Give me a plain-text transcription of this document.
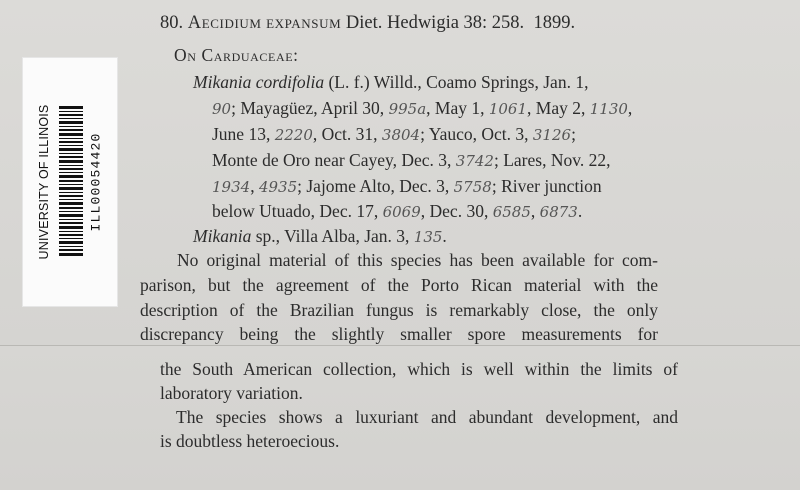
UNIVERSITY OF ILLINOIS	ILL00054420
80. Aecidium expansum Diet. Hedwigia 38: 258. 1899.
On Carduaceae:
Mikania cordifolia (L. f.) Willd., Coamo Springs, Jan. 1,
90; Mayagüez, April 30, 995a, May 1, 1061, May 2, 1130,
June 13, 2220, Oct. 31, 3804; Yauco, Oct. 3, 3126;
Monte de Oro near Cayey, Dec. 3, 3742; Lares, Nov. 22,
1934, 4935; Jajome Alto, Dec. 3, 5758; River junction
below Utuado, Dec. 17, 6069, Dec. 30, 6585, 6873.
Mikania sp., Villa Alba, Jan. 3, 135.
No original material of this species has been available for com-
parison, but the agreement of the Porto Rican material with the
description of the Brazilian fungus is remarkably close, the only
discrepancy being the slightly smaller spore measurements for
the South American collection, which is well within the limits of
laboratory variation.
The species shows a luxuriant and abundant development, and
is doubtless heteroecious.
